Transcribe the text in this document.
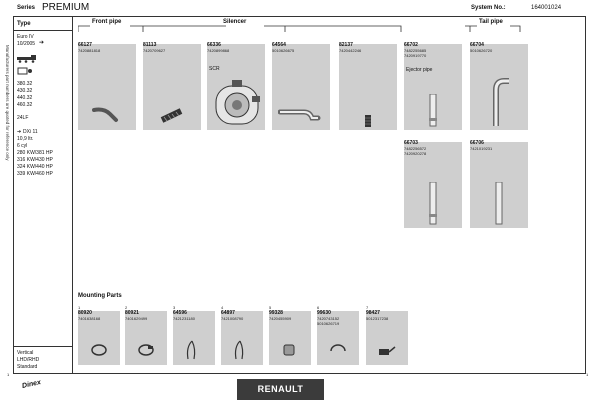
Series PREMIUM	System No.:	164001024
Manufacturers part numbers are quoted for reference only
Type
Euro IV
10/2005 ➔
380.32
430.32
440.32
460.32
24LF
➔ DXi 11
10,9 ltr.
6 cyl
280 KW/381 HP
316 KW/430 HP
324 KW/440 HP
339 KW/460 HP
Vertical
LHD/RHD
Standard
Front pipe	Silencer	Tail pipe
66127
7420881818
81113
7420709627
66336
7420899868
SCR
64564
5010626675
82137
7420442246
66702
7482255685
7420919770
Ejector pipe
66704
5010626720
66703
7482256572
7420920278
66706
7421019231
Mounting Parts
1
80920
7401638168
2
80921
7401629499
3
64596
7421231180
4
64897
7421008790
5
99328
7420455909
6
99630
7420743152
5010626719
7
98427
5012317238
Dinex	RENAULT
1	1
